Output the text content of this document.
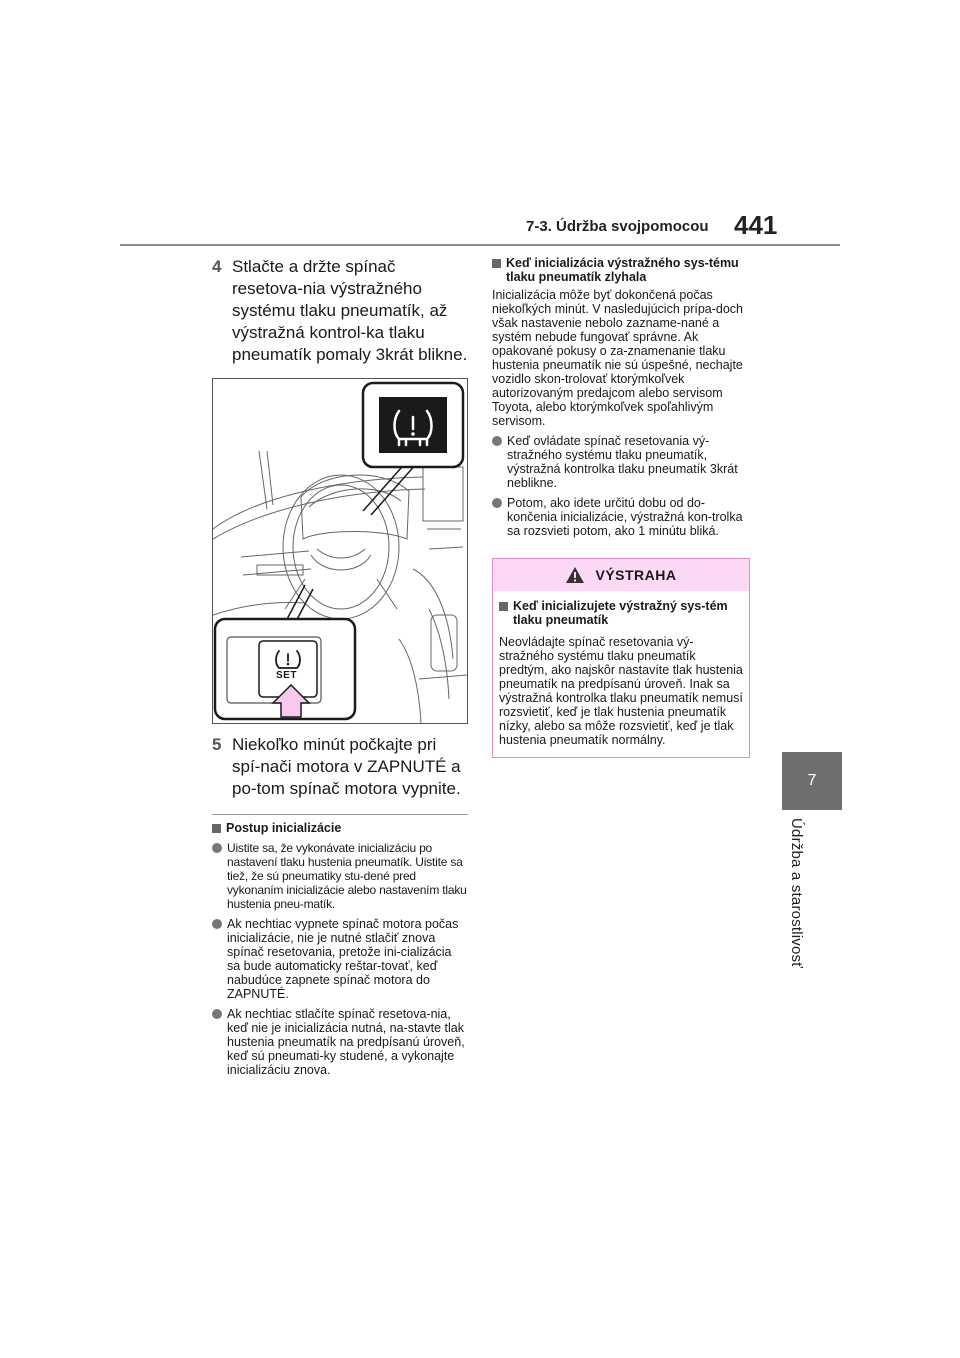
7-3. Údržba svojpomocou 441
7
Údržba a starostlivosť
4 Stlačte a držte spínač resetova-nia výstražného systému tlaku pneumatík, až výstražná kontrol-ka tlaku pneumatík pomaly 3krát blikne.
SET
5 Niekoľko minút počkajte pri spí-nači motora v ZAPNUTÉ a po-tom spínač motora vypnite.
Postup inicializácie
Uistite sa, že vykonávate inicializáciu po nastavení tlaku hustenia pneumatík. Uistite sa tiež, že sú pneumatiky stu-dené pred vykonaním inicializácie alebo nastavením tlaku hustenia pneu-matík.
Ak nechtiac vypnete spínač motora počas inicializácie, nie je nutné stlačiť znova spínač resetovania, pretože ini-cializácia sa bude automaticky reštar-tovať, keď nabudúce zapnete spínač motora do ZAPNUTÉ.
Ak nechtiac stlačíte spínač resetova-nia, keď nie je inicializácia nutná, na-stavte tlak hustenia pneumatík na predpísanú úroveň, keď sú pneumati-ky studené, a vykonajte inicializáciu znova.
Keď inicializácia výstražného sys-tému tlaku pneumatík zlyhala
Inicializácia môže byť dokončená počas niekoľkých minút. V nasledujúcich prípa-doch však nastavenie nebolo zazname-nané a systém nebude fungovať správne. Ak opakované pokusy o za-znamenanie tlaku hustenia pneumatík nie sú úspešné, nechajte vozidlo skon-trolovať ktorýmkoľvek autorizovaným predajcom alebo servisom Toyota, alebo ktorýmkoľvek spoľahlivým servisom.
Keď ovládate spínač resetovania vý-stražného systému tlaku pneumatík, výstražná kontrolka tlaku pneumatík 3krát neblikne.
Potom, ako idete určitú dobu od do-končenia inicializácie, výstražná kon-trolka sa rozsvieti potom, ako 1 minútu bliká.
VÝSTRAHA
Keď inicializujete výstražný sys-tém tlaku pneumatík
Neovládajte spínač resetovania vý-stražného systému tlaku pneumatík predtým, ako najskôr nastavíte tlak hustenia pneumatík na predpísanú úroveň. Inak sa výstražná kontrolka tlaku pneumatík nemusí rozsvietiť, keď je tlak hustenia pneumatík nízky, alebo sa môže rozsvietiť, keď je tlak hustenia pneumatík normálny.
